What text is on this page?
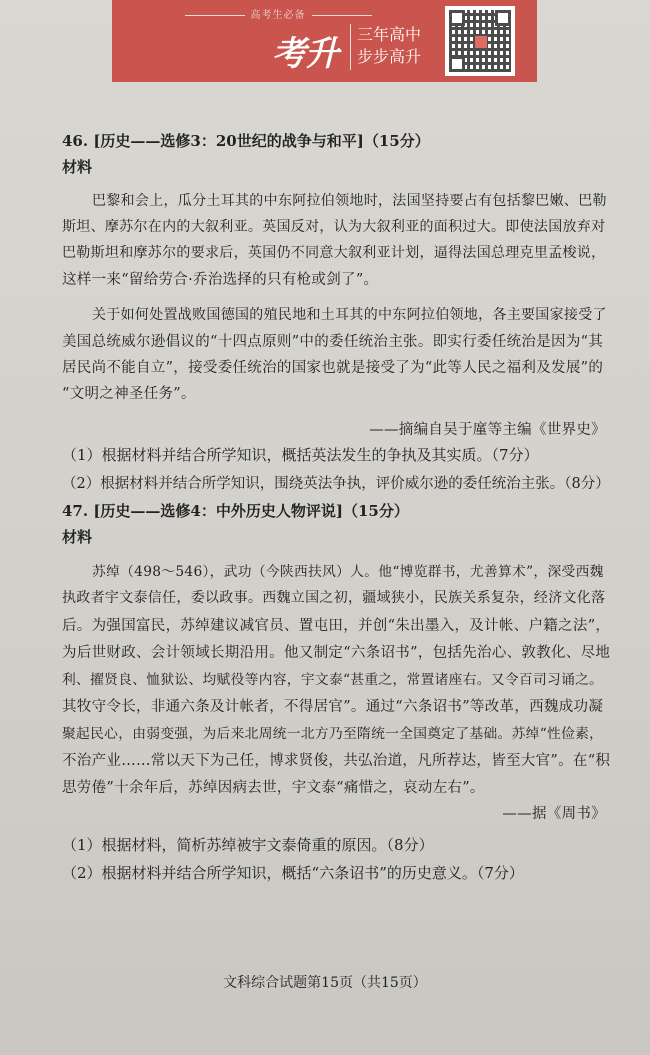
高考生必备
考升 三年高中
步步高升
46. [历史——选修3：20世纪的战争与和平]（15分）
材料
巴黎和会上，瓜分土耳其的中东阿拉伯领地时，法国坚持要占有包括黎巴嫩、巴勒
斯坦、摩苏尔在内的大叙利亚。英国反对，认为大叙利亚的面积过大。即使法国放弃对
巴勒斯坦和摩苏尔的要求后，英国仍不同意大叙利亚计划，逼得法国总理克里孟梭说，
这样一来“留给劳合·乔治选择的只有枪或剑了”。
关于如何处置战败国德国的殖民地和土耳其的中东阿拉伯领地，各主要国家接受了
美国总统威尔逊倡议的“十四点原则”中的委任统治主张。即实行委任统治是因为“其
居民尚不能自立”，接受委任统治的国家也就是接受了为“此等人民之福利及发展”的
“文明之神圣任务”。
——摘编自吴于廑等主编《世界史》
（1）根据材料并结合所学知识，概括英法发生的争执及其实质。（7分）
（2）根据材料并结合所学知识，围绕英法争执，评价威尔逊的委任统治主张。（8分）
47. [历史——选修4：中外历史人物评说]（15分）
材料
苏绰（498～546），武功（今陕西扶风）人。他“博览群书，尤善算术”，深受西魏
执政者宇文泰信任，委以政事。西魏立国之初，疆域狭小，民族关系复杂，经济文化落
后。为强国富民，苏绰建议减官员、置屯田，并创“朱出墨入，及计帐、户籍之法”，
为后世财政、会计领域长期沿用。他又制定“六条诏书”，包括先治心、敦教化、尽地
利、擢贤良、恤狱讼、均赋役等内容，宇文泰“甚重之，常置诸座右。又令百司习诵之。
其牧守令长，非通六条及计帐者，不得居官”。通过“六条诏书”等改革，西魏成功凝
聚起民心，由弱变强，为后来北周统一北方乃至隋统一全国奠定了基础。苏绰“性俭素，
不治产业……常以天下为己任，博求贤俊，共弘治道，凡所荐达，皆至大官”。在“积
思劳倦”十余年后，苏绰因病去世，宇文泰“痛惜之，哀动左右”。
——据《周书》
（1）根据材料，简析苏绰被宇文泰倚重的原因。（8分）
（2）根据材料并结合所学知识，概括“六条诏书”的历史意义。（7分）
文科综合试题第15页（共15页）
